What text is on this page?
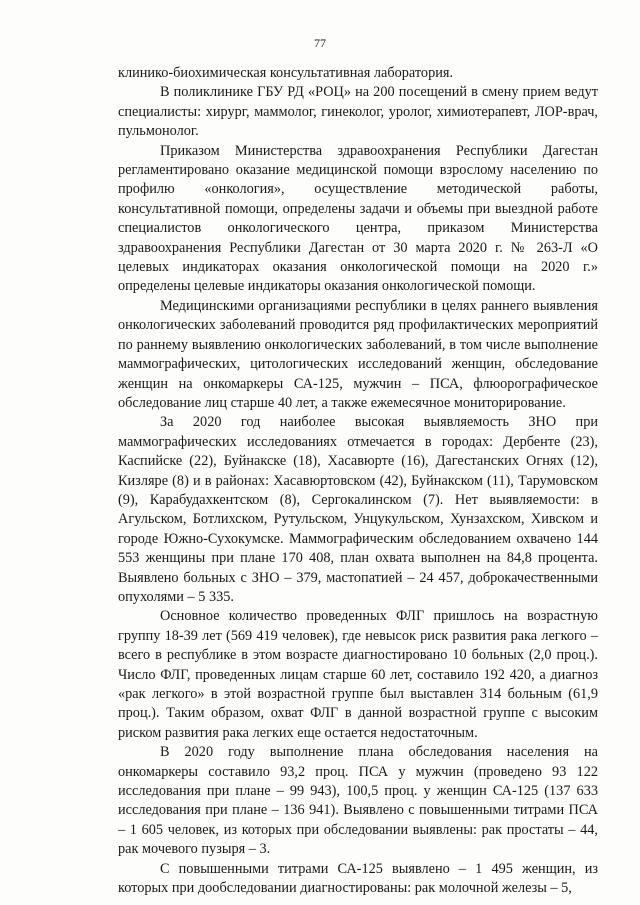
77

клинико-биохимическая консультативная лаборатория.

В поликлинике ГБУ РД «РОЦ» на 200 посещений в смену прием ведут специалисты: хирург, маммолог, гинеколог, уролог, химиотерапевт, ЛОР-врач, пульмонолог.

Приказом Министерства здравоохранения Республики Дагестан регламентировано оказание медицинской помощи взрослому населению по профилю «онкология», осуществление методической работы, консультативной помощи, определены задачи и объемы при выездной работе специалистов онкологического центра, приказом Министерства здравоохранения Республики Дагестан от 30 марта 2020 г. № 263-Л «О целевых индикаторах оказания онкологической помощи на 2020 г.» определены целевые индикаторы оказания онкологической помощи.

Медицинскими организациями республики в целях раннего выявления онкологических заболеваний проводится ряд профилактических мероприятий по раннему выявлению онкологических заболеваний, в том числе выполнение маммографических, цитологических исследований женщин, обследование женщин на онкомаркеры СА-125, мужчин – ПСА, флюорографическое обследование лиц старше 40 лет, а также ежемесячное мониторирование.

За 2020 год наиболее высокая выявляемость ЗНО при маммографических исследованиях отмечается в городах: Дербенте (23), Каспийске (22), Буйнакске (18), Хасавюрте (16), Дагестанских Огнях (12), Кизляре (8) и в районах: Хасавюртовском (42), Буйнакском (11), Тарумовском (9), Карабудахкентском (8), Сергокалинском (7). Нет выявляемости: в Агульском, Ботлихском, Рутульском, Унцукульском, Хунзахском, Хивском и городе Южно-Сухокумске. Маммографическим обследованием охвачено 144 553 женщины при плане 170 408, план охвата выполнен на 84,8 процента. Выявлено больных с ЗНО – 379, мастопатией – 24 457, доброкачественными опухолями – 5 335.

Основное количество проведенных ФЛГ пришлось на возрастную группу 18-39 лет (569 419 человек), где невысок риск развития рака легкого – всего в республике в этом возрасте диагностировано 10 больных (2,0 проц.). Число ФЛГ, проведенных лицам старше 60 лет, составило 192 420, а диагноз «рак легкого» в этой возрастной группе был выставлен 314 больным (61,9 проц.). Таким образом, охват ФЛГ в данной возрастной группе с высоким риском развития рака легких еще остается недостаточным.

В 2020 году выполнение плана обследования населения на онкомаркеры составило 93,2 проц. ПСА у мужчин (проведено 93 122 исследования при плане – 99 943), 100,5 проц. у женщин СА-125 (137 633 исследования при плане – 136 941). Выявлено с повышенными титрами ПСА – 1 605 человек, из которых при обследовании выявлены: рак простаты – 44, рак мочевого пузыря – 3.

С повышенными титрами СА-125 выявлено – 1 495 женщин, из которых при дообследовании диагностированы: рак молочной железы – 5,
